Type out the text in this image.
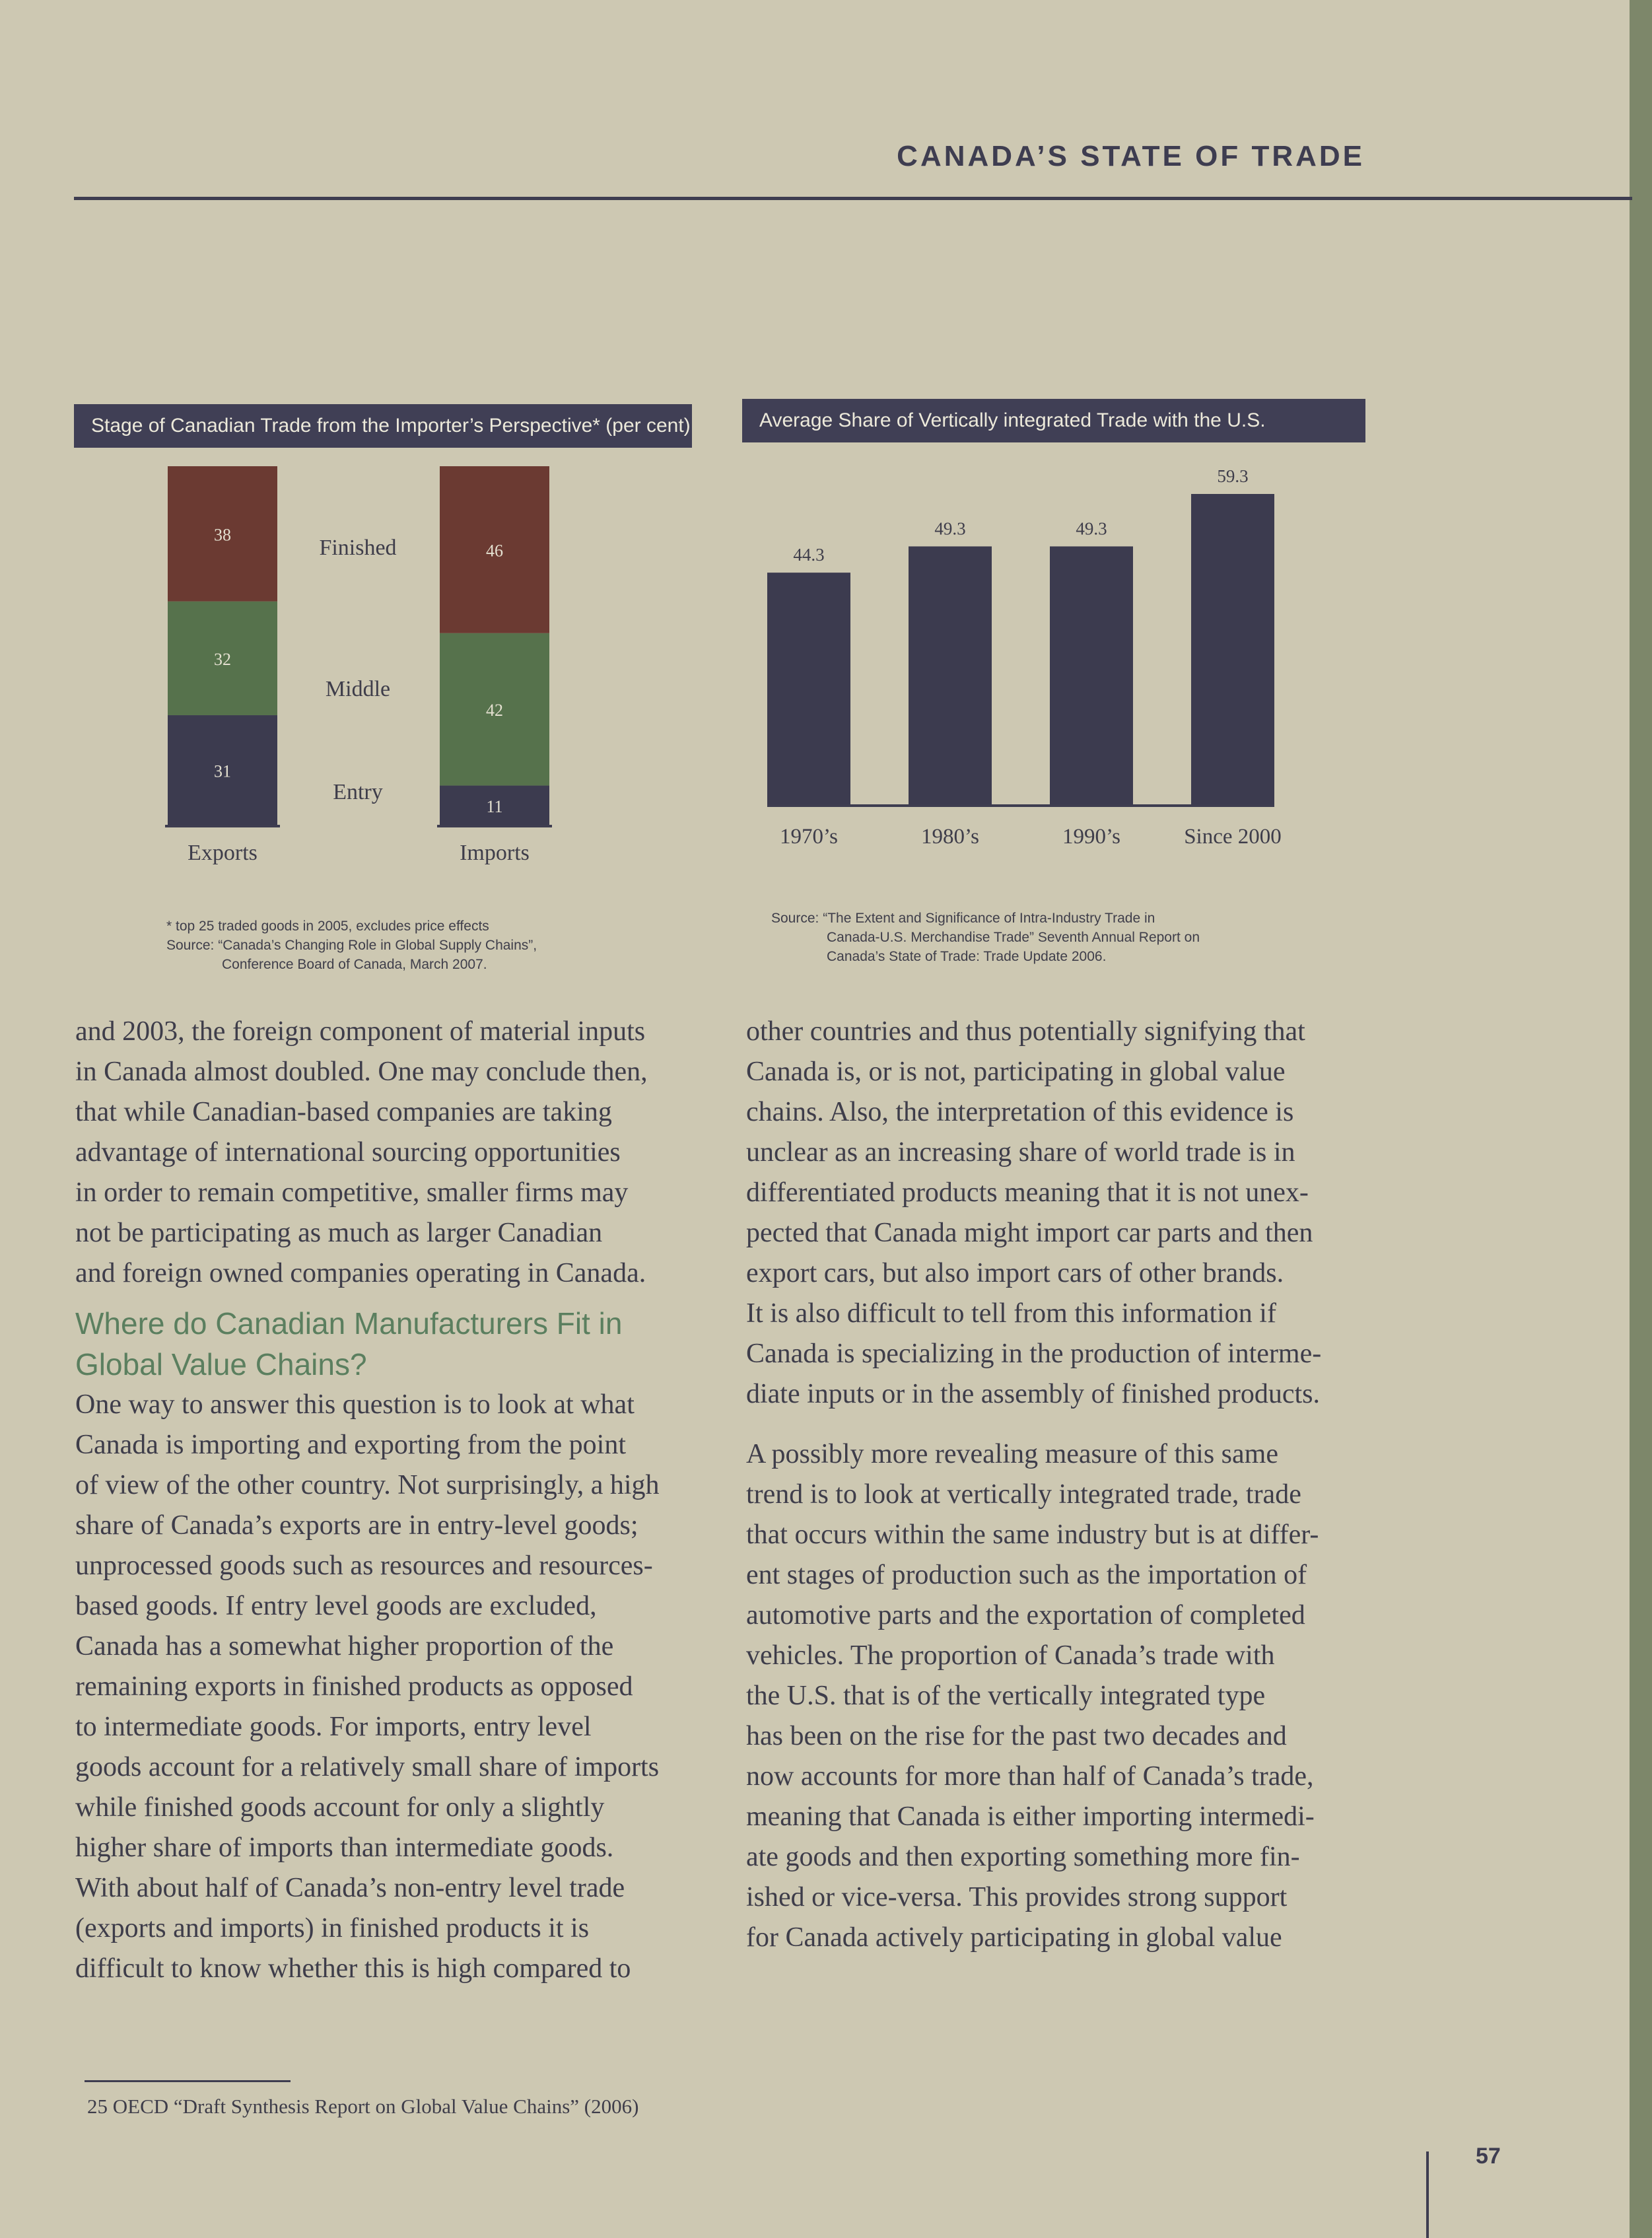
CANADA’S STATE OF TRADE
Stage of Canadian Trade from the Importer’s Perspective* (per cent)
31
32
38
Exports
11
42
46
Imports
Entry
Middle
Finished

* top 25 traded goods in 2005, excludes price effects
Source: “Canada’s Changing Role in Global Supply Chains”,
Conference Board of Canada, March 2007.

Average Share of Vertically integrated Trade with the U.S.
44.3
1970’s
49.3
1980’s
49.3
1990’s
59.3
Since 2000

Source: “The Extent and Significance of Intra-Industry Trade in
Canada-U.S. Merchandise Trade” Seventh Annual Report on
Canada’s State of Trade: Trade Update 2006.

and 2003, the foreign component of material inputs
in Canada almost doubled. One may conclude then,
that while Canadian-based companies are taking
advantage of international sourcing opportunities
in order to remain competitive, smaller firms may
not be participating as much as larger Canadian
and foreign owned companies operating in Canada.

Where do Canadian Manufacturers Fit in
Global Value Chains?

One way to answer this question is to look at what
Canada is importing and exporting from the point
of view of the other country. Not surprisingly, a high
share of Canada’s exports are in entry-level goods;
unprocessed goods such as resources and resources-
based goods. If entry level goods are excluded,
Canada has a somewhat higher proportion of the
remaining exports in finished products as opposed
to intermediate goods. For imports, entry level
goods account for a relatively small share of imports
while finished goods account for only a slightly
higher share of imports than intermediate goods.
With about half of Canada’s non-entry level trade
(exports and imports) in finished products it is
difficult to know whether this is high compared to

other countries and thus potentially signifying that
Canada is, or is not, participating in global value
chains. Also, the interpretation of this evidence is
unclear as an increasing share of world trade is in
differentiated products meaning that it is not unex-
pected that Canada might import car parts and then
export cars, but also import cars of other brands.
It is also difficult to tell from this information if
Canada is specializing in the production of interme-
diate inputs or in the assembly of finished products.

A possibly more revealing measure of this same
trend is to look at vertically integrated trade, trade
that occurs within the same industry but is at differ-
ent stages of production such as the importation of
automotive parts and the exportation of completed
vehicles. The proportion of Canada’s trade with
the U.S. that is of the vertically integrated type
has been on the rise for the past two decades and
now accounts for more than half of Canada’s trade,
meaning that Canada is either importing intermedi-
ate goods and then exporting something more fin-
ished or vice-versa. This provides strong support
for Canada actively participating in global value

25 OECD “Draft Synthesis Report on Global Value Chains” (2006)

57
